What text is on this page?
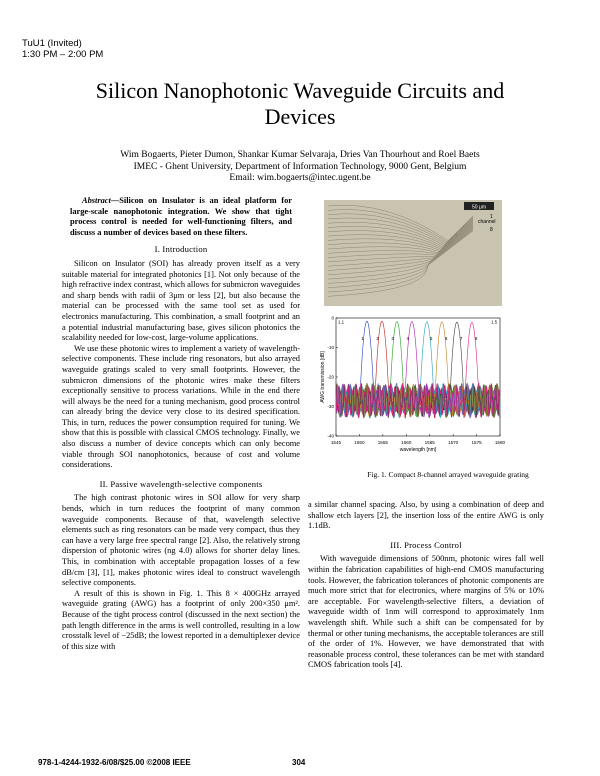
TuU1 (Invited)
1:30 PM – 2:00 PM
Silicon Nanophotonic Waveguide Circuits and Devices
Wim Bogaerts, Pieter Dumon, Shankar Kumar Selvaraja, Dries Van Thourhout and Roel Baets
IMEC - Ghent University, Department of Information Technology, 9000 Gent, Belgium
Email: wim.bogaerts@intec.ugent.be

Abstract—Silicon on Insulator is an ideal platform for large-scale nanophotonic integration. We show that tight process control is needed for well-functioning filters, and discuss a number of devices based on these filters.

I. Introduction

Silicon on Insulator (SOI) has already proven itself as a very suitable material for integrated photonics [1]. Not only because of the high refractive index contrast, which allows for submicron waveguides and sharp bends with radii of 3μm or less [2], but also because the material can be processed with the same tool set as used for electronics manufacturing. This combination, a small footprint and an a potential industrial manufacturing base, gives silicon photonics the scalability needed for low-cost, large-volume applications.

We use these photonic wires to implement a variety of wavelength-selective components. These include ring resonators, but also arrayed waveguide gratings scaled to very small footprints. However, the submicron dimensions of the photonic wires make these filters exceptionally sensitive to process variations. While in the end there will always be the need for a tuning mechanism, good process control can already bring the device very close to its desired specification. This, in turn, reduces the power consumption required for tuning. We show that this is possible with classical CMOS technology. Finally, we also discuss a number of device concepts which can only become viable through SOI nanophotonics, because of cost and volume considerations.

II. Passive wavelength-selective components

The high contrast photonic wires in SOI allow for very sharp bends, which in turn reduces the footprint of many common waveguide components. Because of that, wavelength selective elements such as ring resonators can be made very compact, thus they can have a very large free spectral range [2]. Also, the relatively strong dispersion of photonic wires (ng 4.0) allows for shorter delay lines. This, in combination with acceptable propagation losses of a few dB/cm [3], [1], makes photonic wires ideal to construct wavelength selective components.

A result of this is shown in Fig. 1. This 8 × 400GHz arrayed waveguide grating (AWG) has a footprint of only 200×350 μm². Because of the tight process control (discussed in the next section) the path length difference in the arms is well controlled, resulting in a low crosstalk level of −25dB; the lowest reported in a demultiplexer device of this size with

50 μm
channel
1
8
1545	1550	1555	1560	1565	1570	1575	1580
0
-10
-20
-30
-40
wavelength [nm]
AWG transmission [dB]
1	2	3	4	5	6	7	8
1.1	1.5
Fig. 1. Compact 8-channel arrayed waveguide grating

a similar channel spacing. Also, by using a combination of deep and shallow etch layers [2], the insertion loss of the entire AWG is only 1.1dB.

III. Process Control

With waveguide dimensions of 500nm, photonic wires fall well within the fabrication capabilities of high-end CMOS manufacturing tools. However, the fabrication tolerances of photonic components are much more strict that for electronics, where margins of 5% or 10% are acceptable. For wavelength-selective filters, a deviation of waveguide width of 1nm will correspond to approximately 1nm wavelength shift. While such a shift can be compensated for by thermal or other tuning mechanisms, the acceptable tolerances are still of the order of 1%. However, we have demonstrated that with reasonable process control, these tolerances can be met with standard CMOS fabrication tools [4].

978-1-4244-1932-6/08/$25.00 ©2008 IEEE	304
